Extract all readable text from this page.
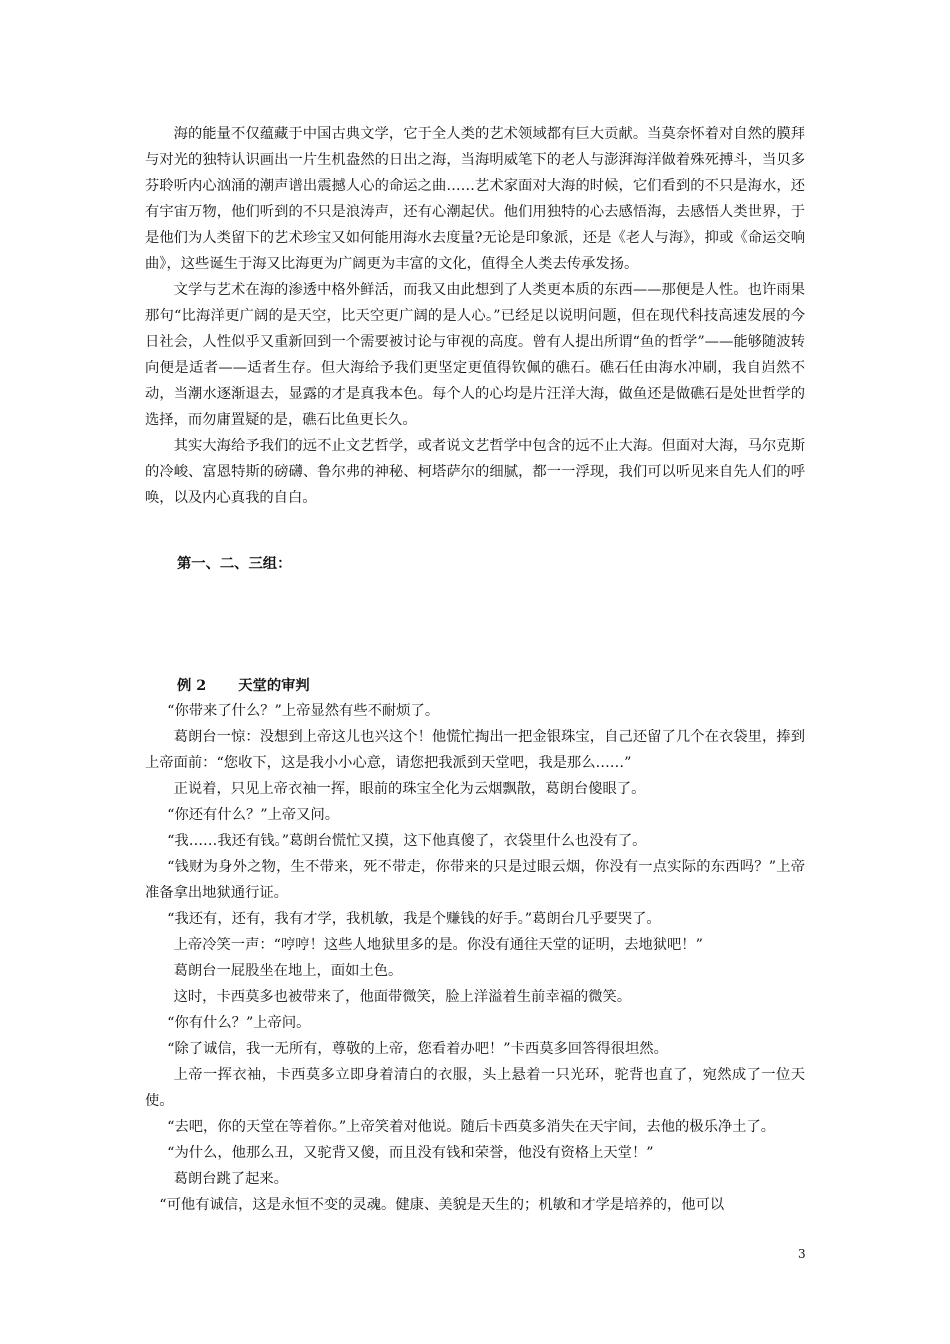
海的能量不仅蕴藏于中国古典文学，它于全人类的艺术领域都有巨大贡献。当莫奈怀着对自然的膜拜与对光的独特认识画出一片生机盎然的日出之海，当海明威笔下的老人与澎湃海洋做着殊死搏斗，当贝多芬聆听内心汹涌的潮声谱出震撼人心的命运之曲……艺术家面对大海的时候，它们看到的不只是海水，还有宇宙万物，他们听到的不只是浪涛声，还有心潮起伏。他们用独特的心去感悟海，去感悟人类世界，于是他们为人类留下的艺术珍宝又如何能用海水去度量?无论是印象派，还是《老人与海》，抑或《命运交响曲》，这些诞生于海又比海更为广阔更为丰富的文化，值得全人类去传承发扬。

文学与艺术在海的渗透中格外鲜活，而我又由此想到了人类更本质的东西——那便是人性。也许雨果那句“比海洋更广阔的是天空，比天空更广阔的是人心。”已经足以说明问题，但在现代科技高速发展的今日社会，人性似乎又重新回到一个需要被讨论与审视的高度。曾有人提出所谓“鱼的哲学”——能够随波转向便是适者——适者生存。但大海给予我们更坚定更值得钦佩的礁石。礁石任由海水冲刷，我自岿然不动，当潮水逐渐退去，显露的才是真我本色。每个人的心均是片汪洋大海，做鱼还是做礁石是处世哲学的选择，而勿庸置疑的是，礁石比鱼更长久。

其实大海给予我们的远不止文艺哲学，或者说文艺哲学中包含的远不止大海。但面对大海，马尔克斯的冷峻、富恩特斯的磅礴、鲁尔弗的神秘、柯塔萨尔的细腻，都一一浮现，我们可以听见来自先人们的呼唤，以及内心真我的自白。

第一、二、三组：
例 2 天堂的审判

“你带来了什么？”上帝显然有些不耐烦了。

葛朗台一惊：没想到上帝这儿也兴这个！他慌忙掏出一把金银珠宝，自己还留了几个在衣袋里，捧到上帝面前：“您收下，这是我小小心意，请您把我派到天堂吧，我是那么……”

正说着，只见上帝衣袖一挥，眼前的珠宝全化为云烟飘散，葛朗台傻眼了。

“你还有什么？”上帝又问。

“我……我还有钱。”葛朗台慌忙又摸，这下他真傻了，衣袋里什么也没有了。

“钱财为身外之物，生不带来，死不带走，你带来的只是过眼云烟，你没有一点实际的东西吗？”上帝准备拿出地狱通行证。

“我还有，还有，我有才学，我机敏，我是个赚钱的好手。”葛朗台几乎要哭了。

上帝冷笑一声：“哼哼！这些人地狱里多的是。你没有通往天堂的证明，去地狱吧！”

葛朗台一屁股坐在地上，面如土色。

这时，卡西莫多也被带来了，他面带微笑，脸上洋溢着生前幸福的微笑。

“你有什么？”上帝问。

“除了诚信，我一无所有，尊敬的上帝，您看着办吧！”卡西莫多回答得很坦然。

上帝一挥衣袖，卡西莫多立即身着清白的衣服，头上悬着一只光环，驼背也直了，宛然成了一位天使。

“去吧，你的天堂在等着你。”上帝笑着对他说。随后卡西莫多消失在天宇间，去他的极乐净土了。

“为什么，他那么丑，又驼背又傻，而且没有钱和荣誉，他没有资格上天堂！”

葛朗台跳了起来。

“可他有诚信，这是永恒不变的灵魂。健康、美貌是天生的；机敏和才学是培养的，他可以

3
